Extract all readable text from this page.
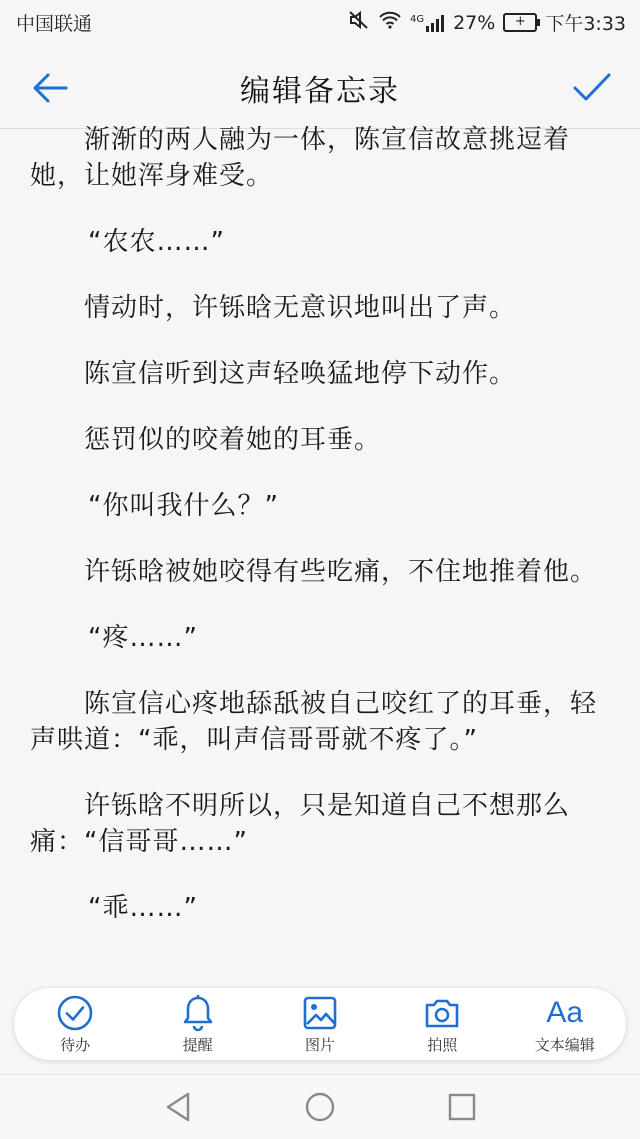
中国联通	4G 27%	+	下午3:33
编辑备忘录

渐渐的两人融为一体，陈宣信故意挑逗着她，让她浑身难受。

“农农……”

情动时，许铄晗无意识地叫出了声。

陈宣信听到这声轻唤猛地停下动作。

惩罚似的咬着她的耳垂。

“你叫我什么？”

许铄晗被她咬得有些吃痛，不住地推着他。

“疼……”

陈宣信心疼地舔舐被自己咬红了的耳垂，轻声哄道：“乖，叫声信哥哥就不疼了。”

许铄晗不明所以，只是知道自己不想那么痛：“信哥哥……”

“乖……”

待办	提醒	图片	拍照
Aa
文本编辑
